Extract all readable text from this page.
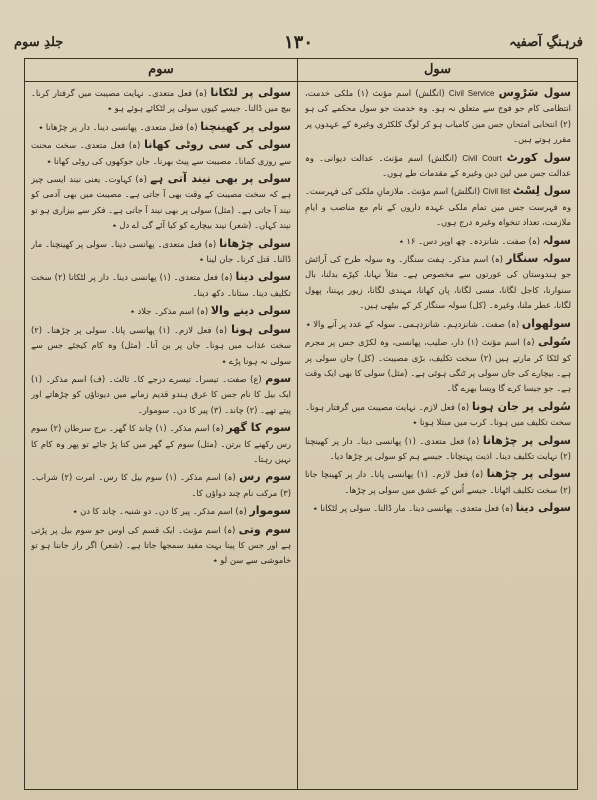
فرہنگِ آصفیہ
١٣٠
جلدِ سوم
سول
سوم
سول سَرْوِس Civil Service (انگلش) اسم مؤنث (۱) ملکی خدمت، انتظامی کام جو فوج سے متعلق نہ ہو۔ وہ خدمت جو سول محکمے کی ہو (۲) انتخابی امتحان جس میں کامیاب ہو کر لوگ کلکٹری وغیرہ کے عہدوں پر مقرر ہوتے ہیں۔
سول کورٹ Civil Court (انگلش) اسم مؤنث۔ عدالت دیوانی۔ وہ عدالت جس میں لین دین وغیرہ کے مقدمات طے ہوں۔
سول لِسْٹ Civil list (انگلش) اسم مؤنث۔ ملازمانِ ملکی کی فہرست۔ وہ فہرست جس میں تمام ملکی عہدہ داروں کے نام مع مناصب و ایامِ ملازمت، تعداد تنخواہ وغیرہ درج ہوں۔
سولہ (ہ) صفت۔ شانزدہ۔ چھ اوپر دس۔ ۱۶ ٭
سولہ سنگار (ہ) اسم مذکر۔ ہفت سنگار۔ وہ سولہ طرح کی آرائش جو ہندوستان کی عورتوں سے مخصوص ہے۔ مثلاً نہانا، کپڑے بدلنا، بال سنوارنا، کاجل لگانا، مسی لگانا، پان کھانا، مہندی لگانا، زیور پہننا، پھول لگانا، عطر ملنا، وغیرہ۔ (کل) سولہ سنگار کر کے بیٹھی ہیں۔
سولھواں (ہ) صفت۔ شانزدہم۔ شانزدہمی۔ سولہ کے عدد پر آنے والا ٭
سُولی (ہ) اسم مؤنث (۱) دار، صلیب، پھانسی، وہ لکڑی جس پر مجرم کو لٹکا کر مارتے ہیں (۲) سخت تکلیف، بڑی مصیبت۔ (کل) جان سولی پر ہے۔ بیچارے کی جان سولی پر ٹنگی ہوئی ہے۔ (مثل) سولی کا بھی ایک وقت ہے۔ جو جیسا کرے گا ویسا بھرے گا۔
سُولی پر جان ہونا (ہ) فعل لازم۔ نہایت مصیبت میں گرفتار ہونا۔ سخت تکلیف میں ہونا۔ کرب میں مبتلا ہونا ٭
سولی پر چڑھانا (ہ) فعل متعدی۔ (۱) پھانسی دینا۔ دار پر کھینچنا (۲) نہایت تکلیف دینا۔ اذیت پہنچانا۔ جیسے ہم کو سولی پر چڑھا دیا۔
سولی پر چڑھنا (ہ) فعل لازم۔ (۱) پھانسی پانا۔ دار پر کھینچا جانا (۲) سخت تکلیف اٹھانا۔ جیسے اُس کے عشق میں سولی پر چڑھا۔
سولی دینا (ہ) فعل متعدی۔ پھانسی دینا۔ مار ڈالنا۔ سولی پر لٹکانا ٭
سولی پر لٹکانا (ہ) فعل متعدی۔ نہایت مصیبت میں گرفتار کرنا۔ بیچ میں ڈالنا۔ جیسے کیوں سولی پر لٹکائے ہوئے ہو ٭
سولی پر کھینچنا (ہ) فعل متعدی۔ پھانسی دینا۔ دار پر چڑھانا ٭
سولی کی سی روٹی کھانا (ہ) فعل متعدی۔ سخت محنت سے روزی کمانا۔ مصیبت سے پیٹ بھرنا۔ جان جوکھوں کی روٹی کھانا ٭
سولی پر بھی نیند آتی ہے (ہ) کہاوت۔ یعنی نیند ایسی چیز ہے کہ سخت مصیبت کے وقت بھی آ جاتی ہے۔ مصیبت میں بھی آدمی کو نیند آ جاتی ہے۔ (مثل) سولی پر بھی نیند آ جاتی ہے۔ فکر سے بیزاری ہو تو نیند کہاں۔ (شعر) نیند بیچارے کو کیا آئے گی اے دل ٭
سولی چڑھانا (ہ) فعل متعدی۔ پھانسی دینا۔ سولی پر کھینچنا۔ مار ڈالنا۔ قتل کرنا۔ جان لینا ٭
سولی دینا (ہ) فعل متعدی۔ (۱) پھانسی دینا۔ دار پر لٹکانا (۲) سخت تکلیف دینا۔ ستانا۔ دکھ دینا۔
سولی دینے والا (ہ) اسم مذکر۔ جلاد ٭
سولی ہونا (ہ) فعل لازم۔ (۱) پھانسی پانا۔ سولی پر چڑھنا۔ (۲) سخت عذاب میں ہونا۔ جان پر بن آنا۔ (مثل) وہ کام کیجئے جس سے سولی نہ ہونا پڑے ٭
سوم (ع) صفت۔ تیسرا۔ تیسرے درجے کا۔ ثالث۔ (ف) اسم مذکر۔ (۱) ایک بیل کا نام جس کا عرق ہندو قدیم زمانے میں دیوتاؤں کو چڑھاتے اور پیتے تھے۔ (۲) چاند۔ (۳) پیر کا دن۔ سوموار۔
سوم کا گھر (ہ) اسم مذکر۔ (۱) چاند کا گھر۔ برج سرطان (۲) سوم رس رکھنے کا برتن۔ (مثل) سوم کے گھر میں کتا پڑ جائے تو پھر وہ کام کا نہیں رہتا۔
سوم رس (ہ) اسم مذکر۔ (۱) سوم بیل کا رس۔ امرت (۲) شراب۔ (۳) مرکب نام چند دواؤں کا۔
سوموار (ہ) اسم مذکر۔ پیر کا دن۔ دو شنبہ۔ چاند کا دن ٭
سوم وتی (ہ) اسم مؤنث۔ ایک قسم کی اوس جو سوم بیل پر پڑتی ہے اور جس کا پینا بہت مفید سمجھا جاتا ہے۔ (شعر) اگر راز جاننا ہو تو خاموشی سے سن لو ٭
